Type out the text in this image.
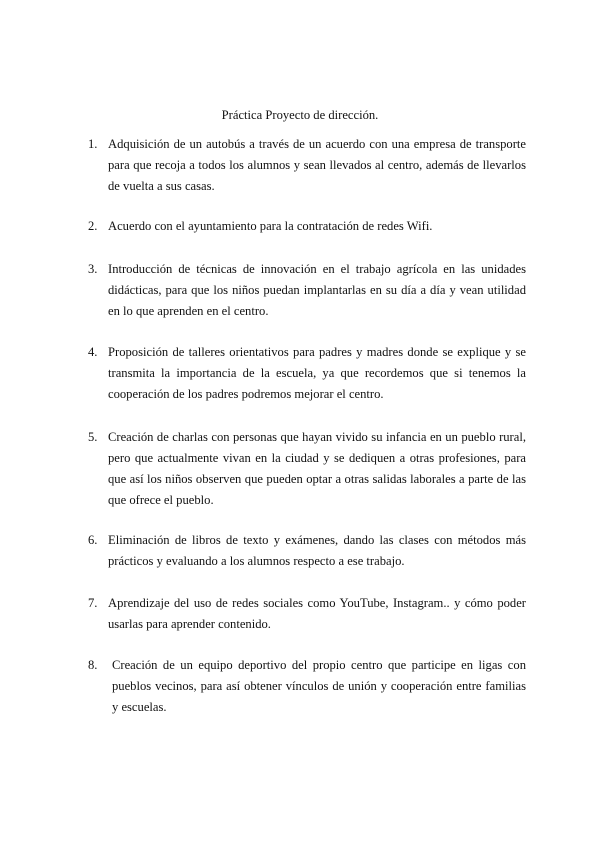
Práctica Proyecto de dirección.
1. Adquisición de un autobús a través de un acuerdo con una empresa de transporte para que recoja a todos los alumnos y sean llevados al centro, además de llevarlos de vuelta a sus casas.
2. Acuerdo con el ayuntamiento para la contratación de redes Wifi.
3. Introducción de técnicas de innovación en el trabajo agrícola en las unidades didácticas, para que los niños puedan implantarlas en su día a día y vean utilidad en lo que aprenden en el centro.
4. Proposición de talleres orientativos para padres y madres donde se explique y se transmita la importancia de la escuela, ya que recordemos que si tenemos la cooperación de los padres podremos mejorar el centro.
5. Creación de charlas con personas que hayan vivido su infancia en un pueblo rural, pero que actualmente vivan en la ciudad y se dediquen a otras profesiones, para que así los niños observen que pueden optar a otras salidas laborales a parte de las que ofrece el pueblo.
6. Eliminación de libros de texto y exámenes, dando las clases con métodos más prácticos y evaluando a los alumnos respecto a ese trabajo.
7. Aprendizaje del uso de redes sociales como YouTube, Instagram.. y cómo poder usarlas para aprender contenido.
8. Creación de un equipo deportivo del propio centro que participe en ligas con pueblos vecinos, para así obtener vínculos de unión y cooperación entre familias y escuelas.
